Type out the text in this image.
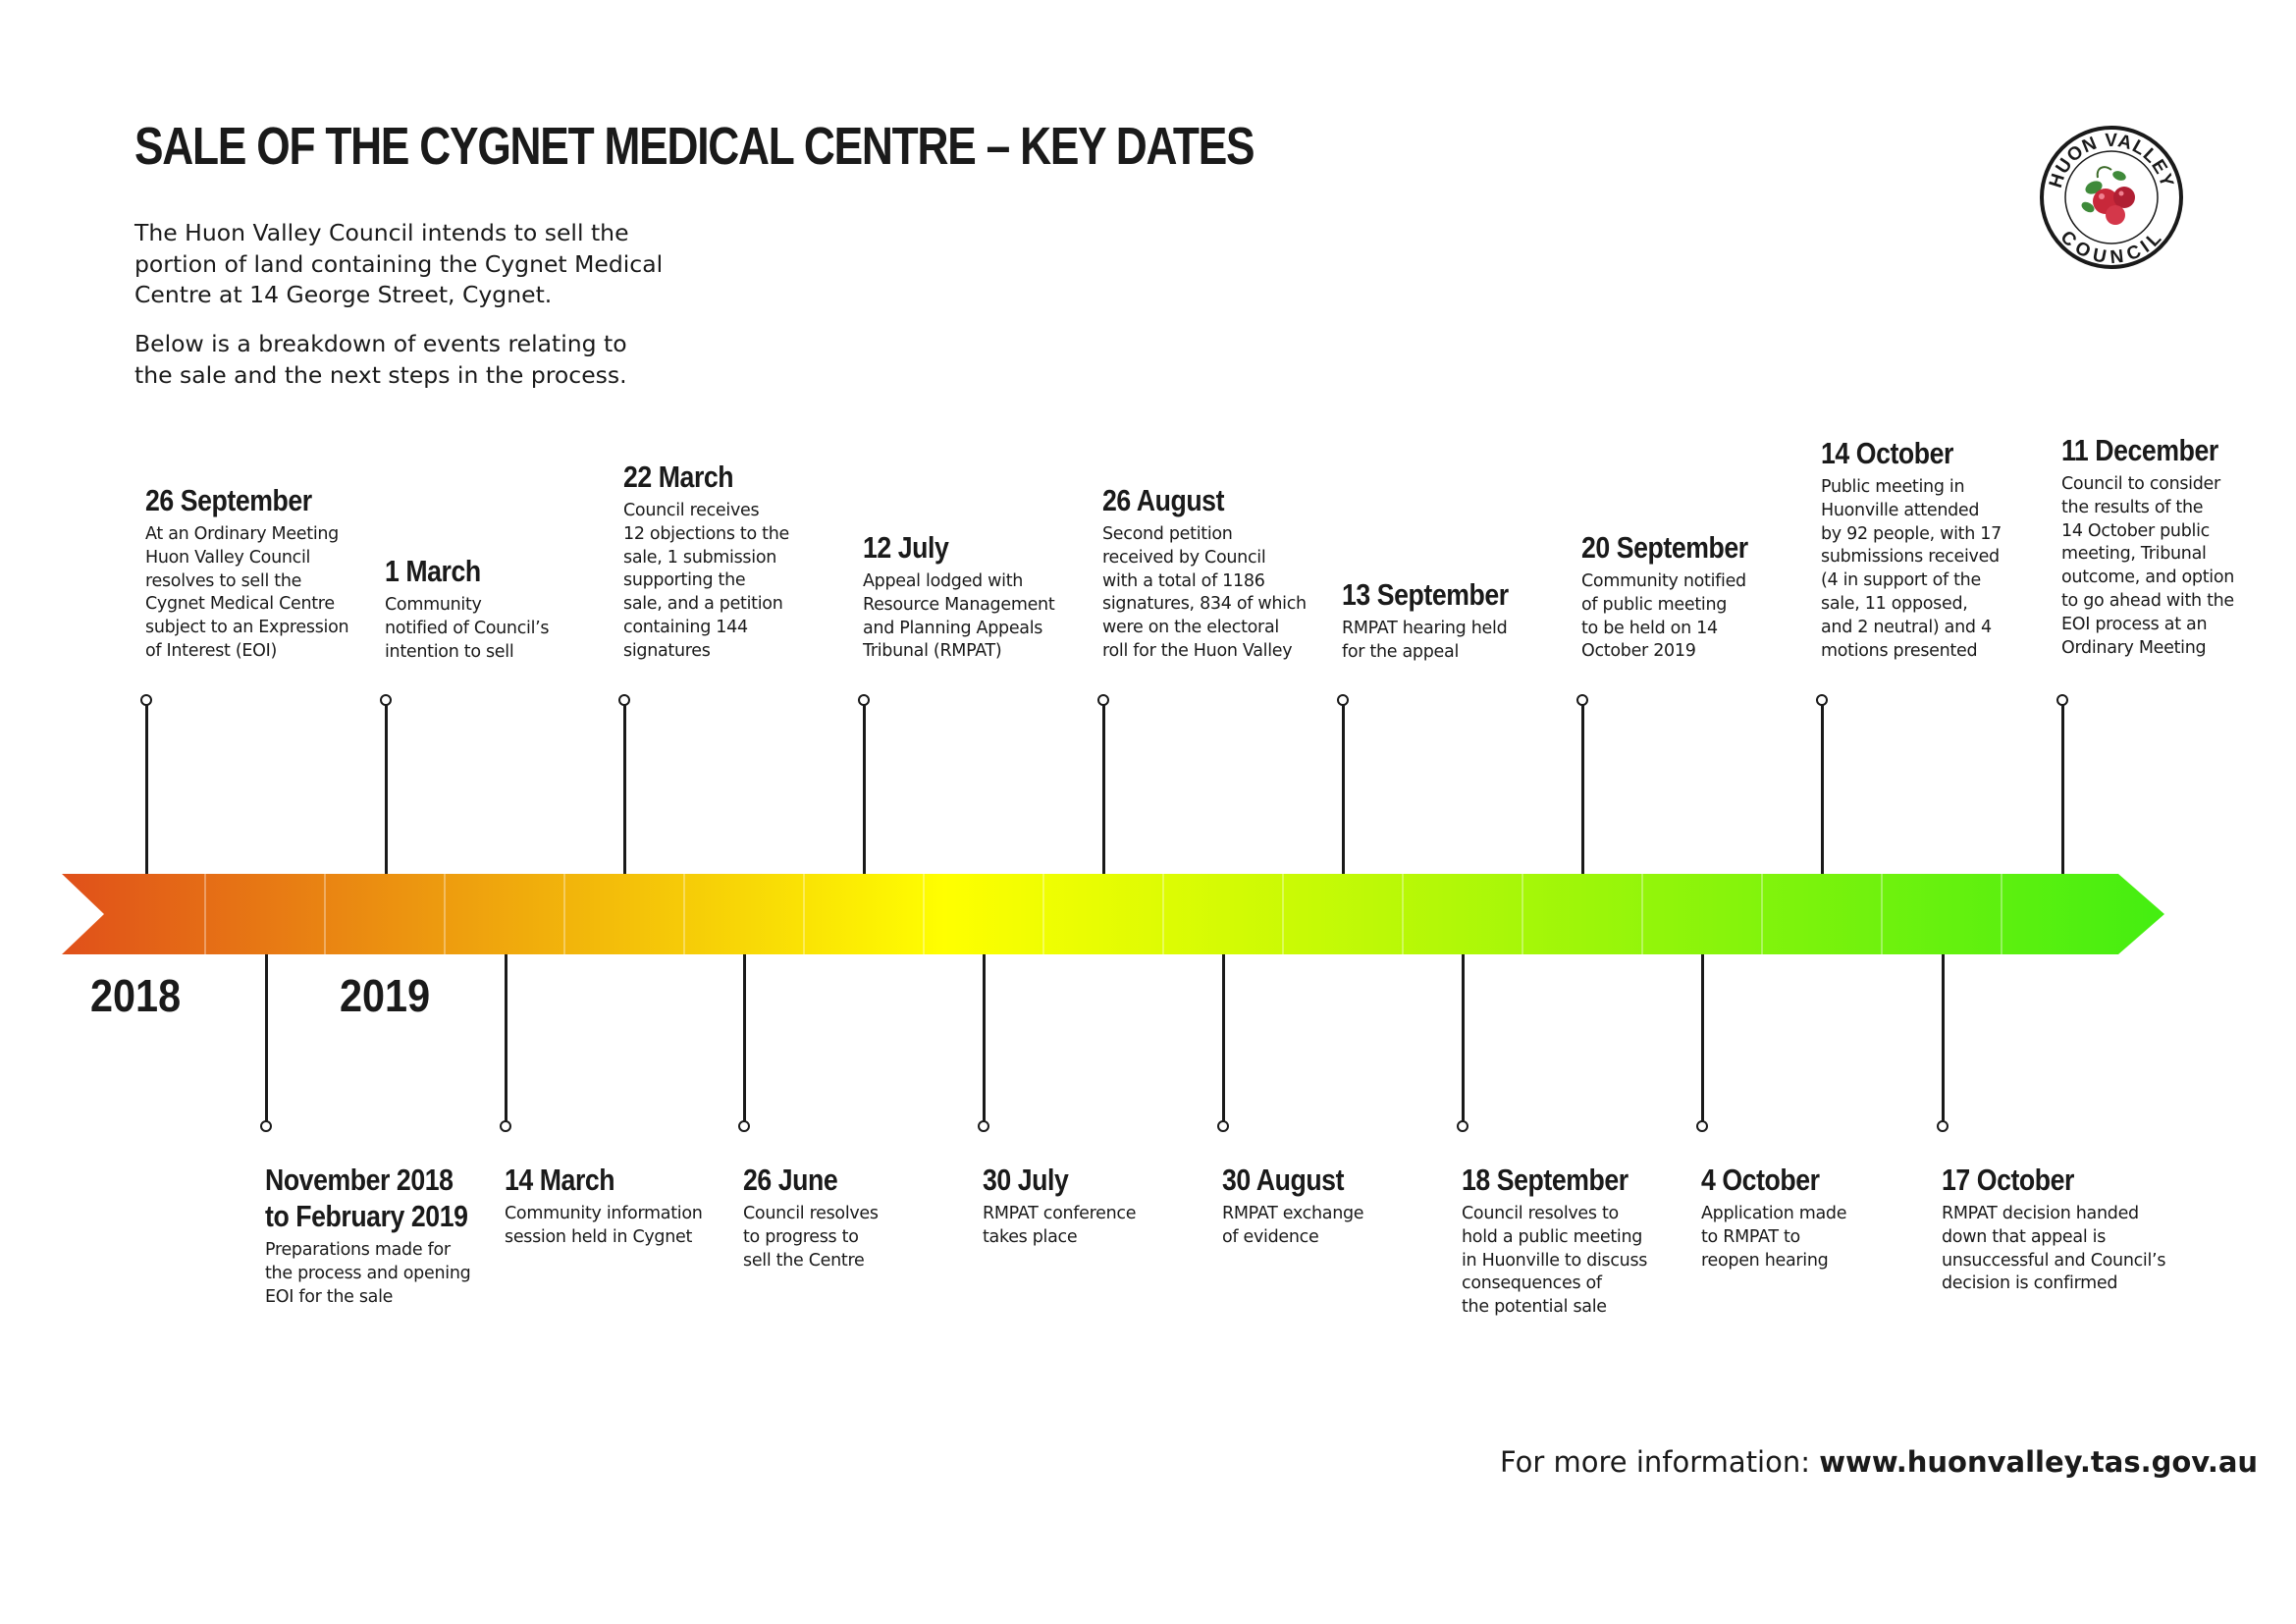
SALE OF THE CYGNET MEDICAL CENTRE – KEY DATES
The Huon Valley Council intends to sell the portion of land containing the Cygnet Medical Centre at 14 George Street, Cygnet.
Below is a breakdown of events relating to the sale and the next steps in the process.
HUON VALLEY
COUNCIL
2018	2019
26 September
At an Ordinary Meeting
Huon Valley Council
resolves to sell the
Cygnet Medical Centre
subject to an Expression
of Interest (EOI)
1 March
Community
notified of Council’s
intention to sell
22 March
Council receives
12 objections to the
sale, 1 submission
supporting the
sale, and a petition
containing 144
signatures
12 July
Appeal lodged with
Resource Management
and Planning Appeals
Tribunal (RMPAT)
26 August
Second petition
received by Council
with a total of 1186
signatures, 834 of which
were on the electoral
roll for the Huon Valley
13 September
RMPAT hearing held
for the appeal
20 September
Community notified
of public meeting
to be held on 14
October 2019
14 October
Public meeting in
Huonville attended
by 92 people, with 17
submissions received
(4 in support of the
sale, 11 opposed,
and 2 neutral) and 4
motions presented
11 December
Council to consider
the results of the
14 October public
meeting, Tribunal
outcome, and option
to go ahead with the
EOI process at an
Ordinary Meeting
November 2018
to February 2019
Preparations made for
the process and opening
EOI for the sale
14 March
Community information
session held in Cygnet
26 June
Council resolves
to progress to
sell the Centre
30 July
RMPAT conference
takes place
30 August
RMPAT exchange
of evidence
18 September
Council resolves to
hold a public meeting
in Huonville to discuss
consequences of
the potential sale
4 October
Application made
to RMPAT to
reopen hearing
17 October
RMPAT decision handed
down that appeal is
unsuccessful and Council’s
decision is confirmed
For more information: www.huonvalley.tas.gov.au
